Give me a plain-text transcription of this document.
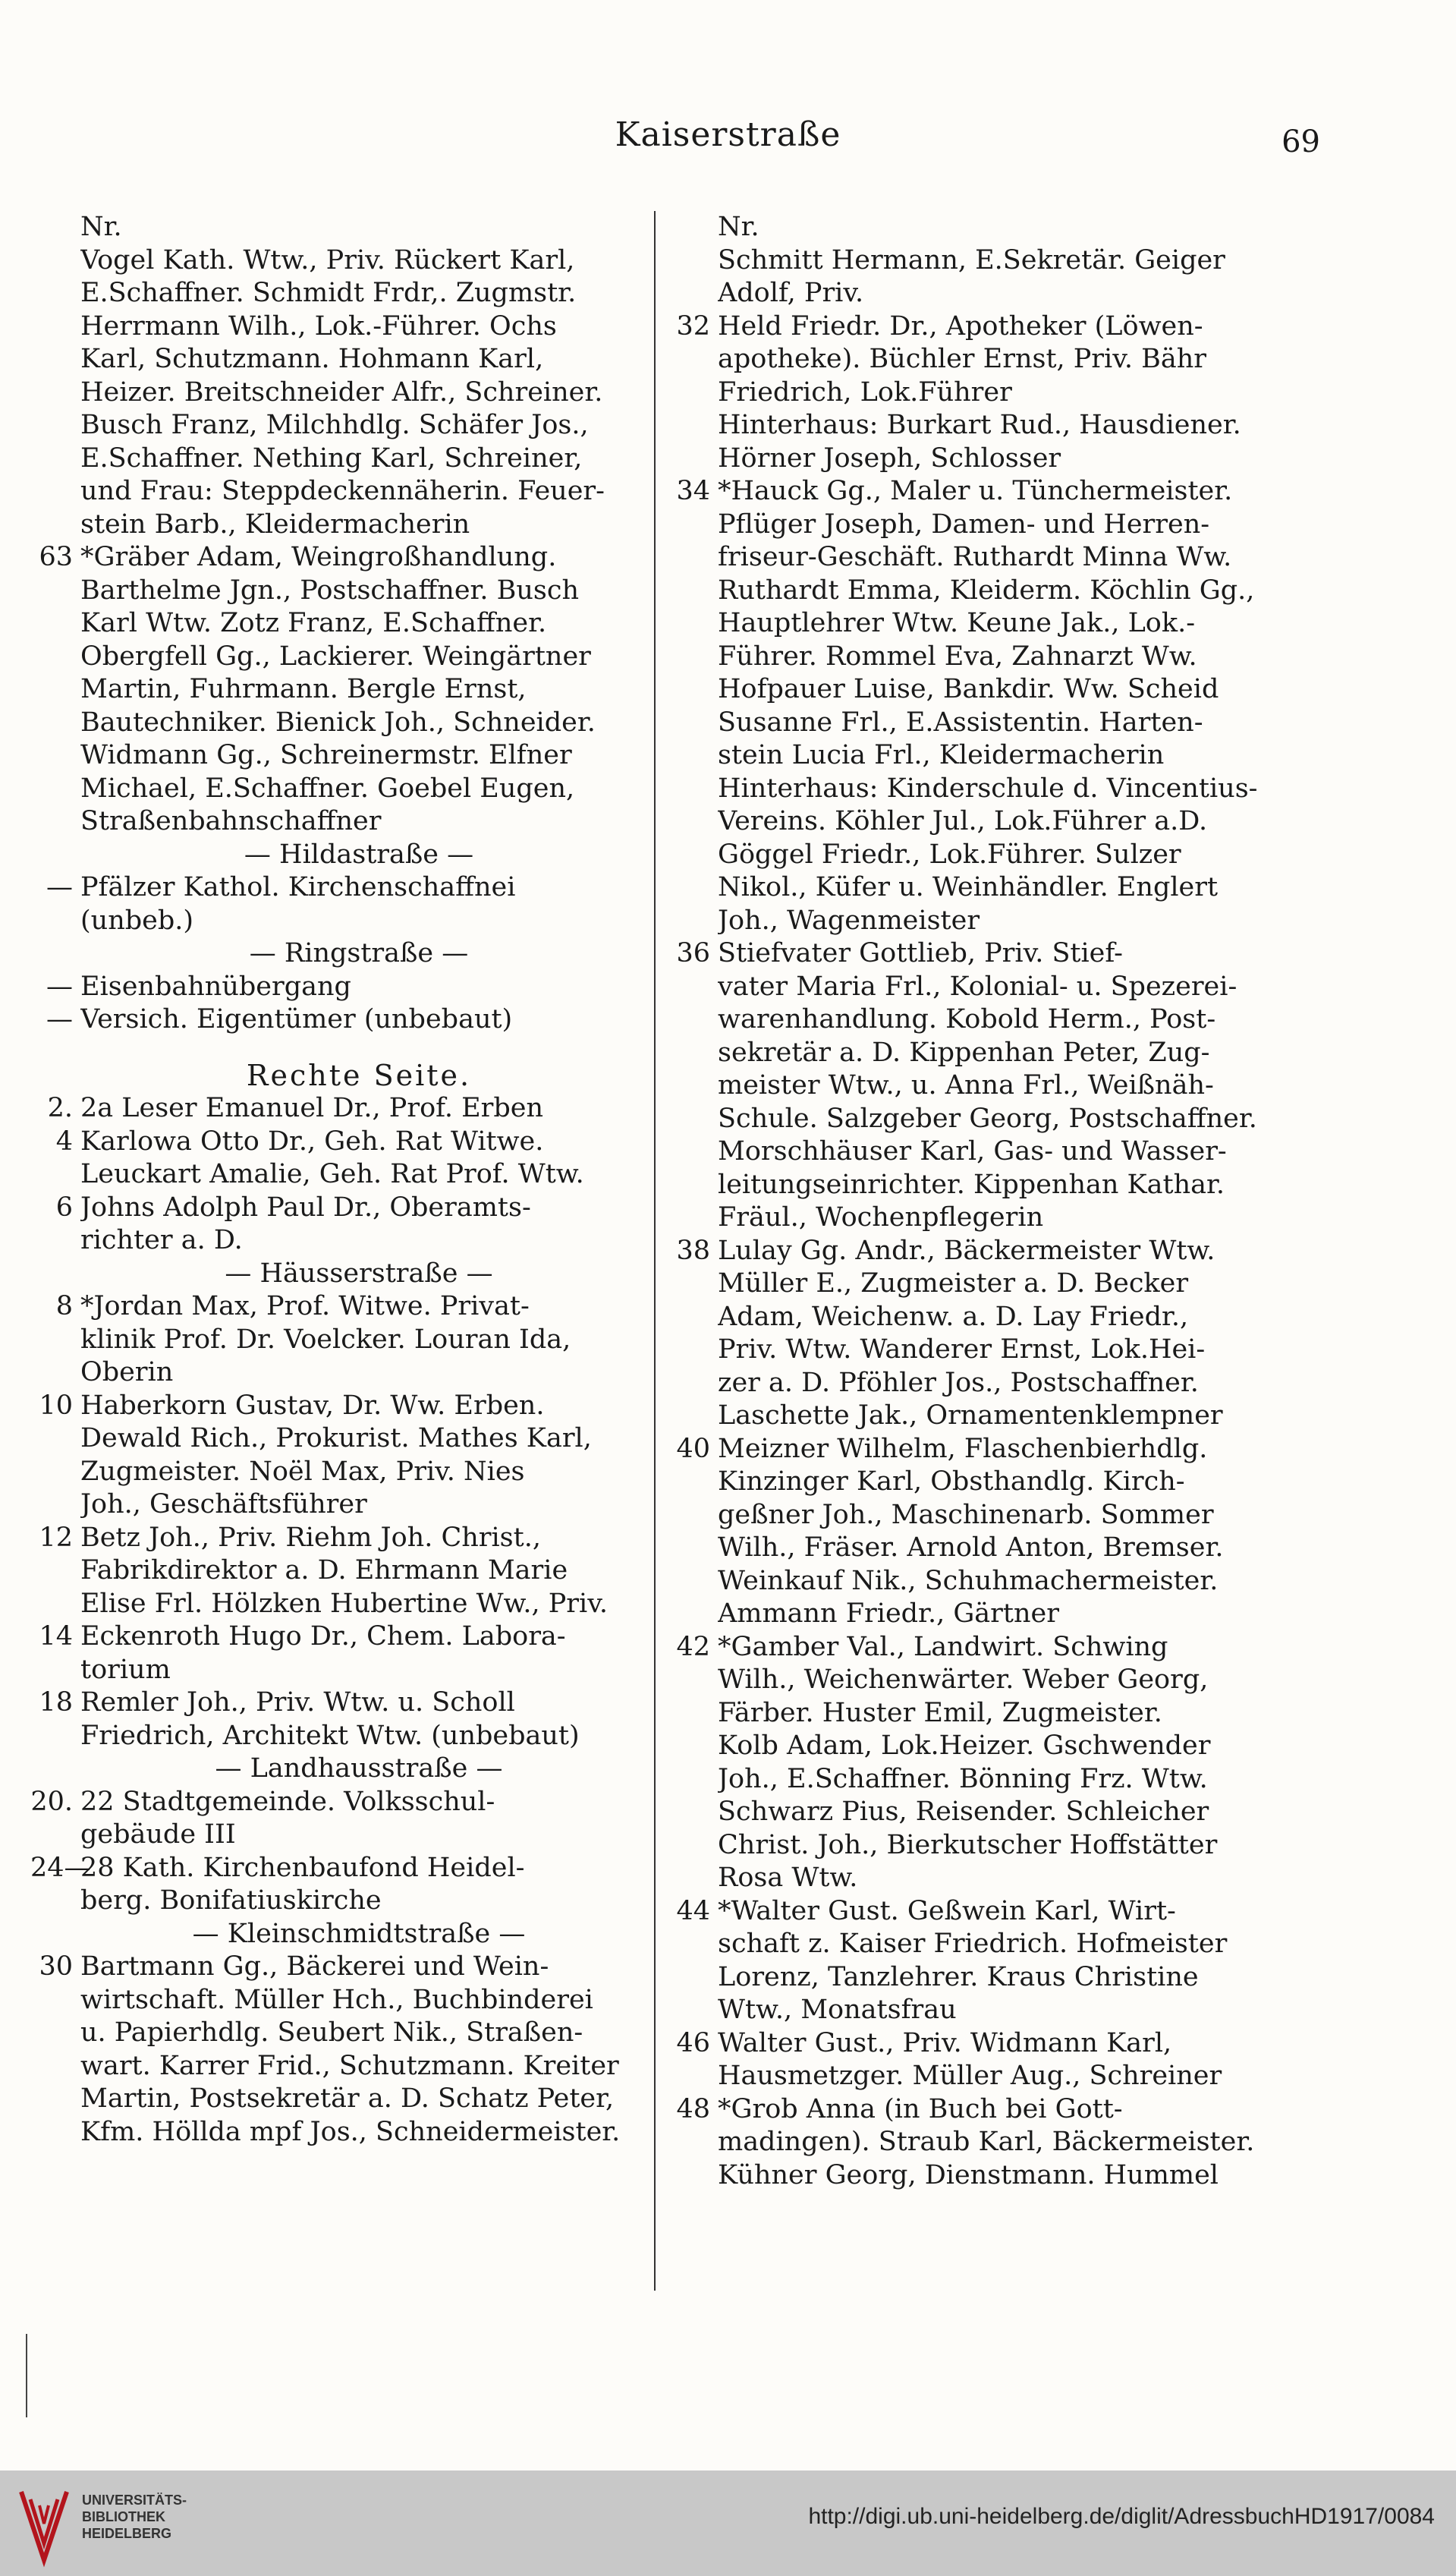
Kaiserstraße	69
Nr.
Vogel Kath. Wtw., Priv. Rückert Karl,
E.Schaffner. Schmidt Frdr,. Zugmstr.
Herrmann Wilh., Lok.-Führer. Ochs
Karl, Schutzmann. Hohmann Karl,
Heizer. Breitschneider Alfr., Schreiner.
Busch Franz, Milchhdlg. Schäfer Jos.,
E.Schaffner. Nething Karl, Schreiner,
und Frau: Steppdeckennäherin. Feuer-
stein Barb., Kleidermacherin
63 *Gräber Adam, Weingroßhandlung.
Barthelme Jgn., Postschaffner. Busch
Karl Wtw. Zotz Franz, E.Schaffner.
Obergfell Gg., Lackierer. Weingärtner
Martin, Fuhrmann. Bergle Ernst,
Bautechniker. Bienick Joh., Schneider.
Widmann Gg., Schreinermstr. Elfner
Michael, E.Schaffner. Goebel Eugen,
Straßenbahnschaffner
— Hildastraße —
— Pfälzer Kathol. Kirchenschaffnei
(unbeb.)
— Ringstraße —
— Eisenbahnübergang
— Versich. Eigentümer (unbebaut)
Rechte Seite.
2. 2a Leser Emanuel Dr., Prof. Erben
4 Karlowa Otto Dr., Geh. Rat Witwe.
Leuckart Amalie, Geh. Rat Prof. Wtw.
6 Johns Adolph Paul Dr., Oberamts-
richter a. D.
— Häusserstraße —
8 *Jordan Max, Prof. Witwe. Privat-
klinik Prof. Dr. Voelcker. Louran Ida,
Oberin
10 Haberkorn Gustav, Dr. Ww. Erben.
Dewald Rich., Prokurist. Mathes Karl,
Zugmeister. Noël Max, Priv. Nies
Joh., Geschäftsführer
12 Betz Joh., Priv. Riehm Joh. Christ.,
Fabrikdirektor a. D. Ehrmann Marie
Elise Frl. Hölzken Hubertine Ww., Priv.
14 Eckenroth Hugo Dr., Chem. Labora-
torium
18 Remler Joh., Priv. Wtw. u. Scholl
Friedrich, Architekt Wtw. (unbebaut)
— Landhausstraße —
20. 22 Stadtgemeinde. Volksschul-
gebäude III
24—
28 Kath. Kirchenbaufond Heidel-
berg. Bonifatiuskirche
— Kleinschmidtstraße —
30 Bartmann Gg., Bäckerei und Wein-
wirtschaft. Müller Hch., Buchbinderei
u. Papierhdlg. Seubert Nik., Straßen-
wart. Karrer Frid., Schutzmann. Kreiter
Martin, Postsekretär a. D. Schatz Peter,
Kfm. Höllda mpf Jos., Schneidermeister.
Nr.
Schmitt Hermann, E.Sekretär. Geiger
Adolf, Priv.
32 Held Friedr. Dr., Apotheker (Löwen-
apotheke). Büchler Ernst, Priv. Bähr
Friedrich, Lok.Führer
Hinterhaus: Burkart Rud., Hausdiener.
Hörner Joseph, Schlosser
34 *Hauck Gg., Maler u. Tünchermeister.
Pflüger Joseph, Damen- und Herren-
friseur-Geschäft. Ruthardt Minna Ww.
Ruthardt Emma, Kleiderm. Köchlin Gg.,
Hauptlehrer Wtw. Keune Jak., Lok.-
Führer. Rommel Eva, Zahnarzt Ww.
Hofpauer Luise, Bankdir. Ww. Scheid
Susanne Frl., E.Assistentin. Harten-
stein Lucia Frl., Kleidermacherin
Hinterhaus: Kinderschule d. Vincentius-
Vereins. Köhler Jul., Lok.Führer a.D.
Göggel Friedr., Lok.Führer. Sulzer
Nikol., Küfer u. Weinhändler. Englert
Joh., Wagenmeister
36 Stiefvater Gottlieb, Priv. Stief-
vater Maria Frl., Kolonial- u. Spezerei-
warenhandlung. Kobold Herm., Post-
sekretär a. D. Kippenhan Peter, Zug-
meister Wtw., u. Anna Frl., Weißnäh-
Schule. Salzgeber Georg, Postschaffner.
Morschhäuser Karl, Gas- und Wasser-
leitungseinrichter. Kippenhan Kathar.
Fräul., Wochenpflegerin
38 Lulay Gg. Andr., Bäckermeister Wtw.
Müller E., Zugmeister a. D. Becker
Adam, Weichenw. a. D. Lay Friedr.,
Priv. Wtw. Wanderer Ernst, Lok.Hei-
zer a. D. Pföhler Jos., Postschaffner.
Laschette Jak., Ornamentenklempner
40 Meizner Wilhelm, Flaschenbierhdlg.
Kinzinger Karl, Obsthandlg. Kirch-
geßner Joh., Maschinenarb. Sommer
Wilh., Fräser. Arnold Anton, Bremser.
Weinkauf Nik., Schuhmachermeister.
Ammann Friedr., Gärtner
42 *Gamber Val., Landwirt. Schwing
Wilh., Weichenwärter. Weber Georg,
Färber. Huster Emil, Zugmeister.
Kolb Adam, Lok.Heizer. Gschwender
Joh., E.Schaffner. Bönning Frz. Wtw.
Schwarz Pius, Reisender. Schleicher
Christ. Joh., Bierkutscher Hoffstätter
Rosa Wtw.
44 *Walter Gust. Geßwein Karl, Wirt-
schaft z. Kaiser Friedrich. Hofmeister
Lorenz, Tanzlehrer. Kraus Christine
Wtw., Monatsfrau
46 Walter Gust., Priv. Widmann Karl,
Hausmetzger. Müller Aug., Schreiner
48 *Grob Anna (in Buch bei Gott-
madingen). Straub Karl, Bäckermeister.
Kühner Georg, Dienstmann. Hummel
UNIVERSITÄTS-
BIBLIOTHEK
HEIDELBERG
http://digi.ub.uni-heidelberg.de/diglit/AdressbuchHD1917/0084
